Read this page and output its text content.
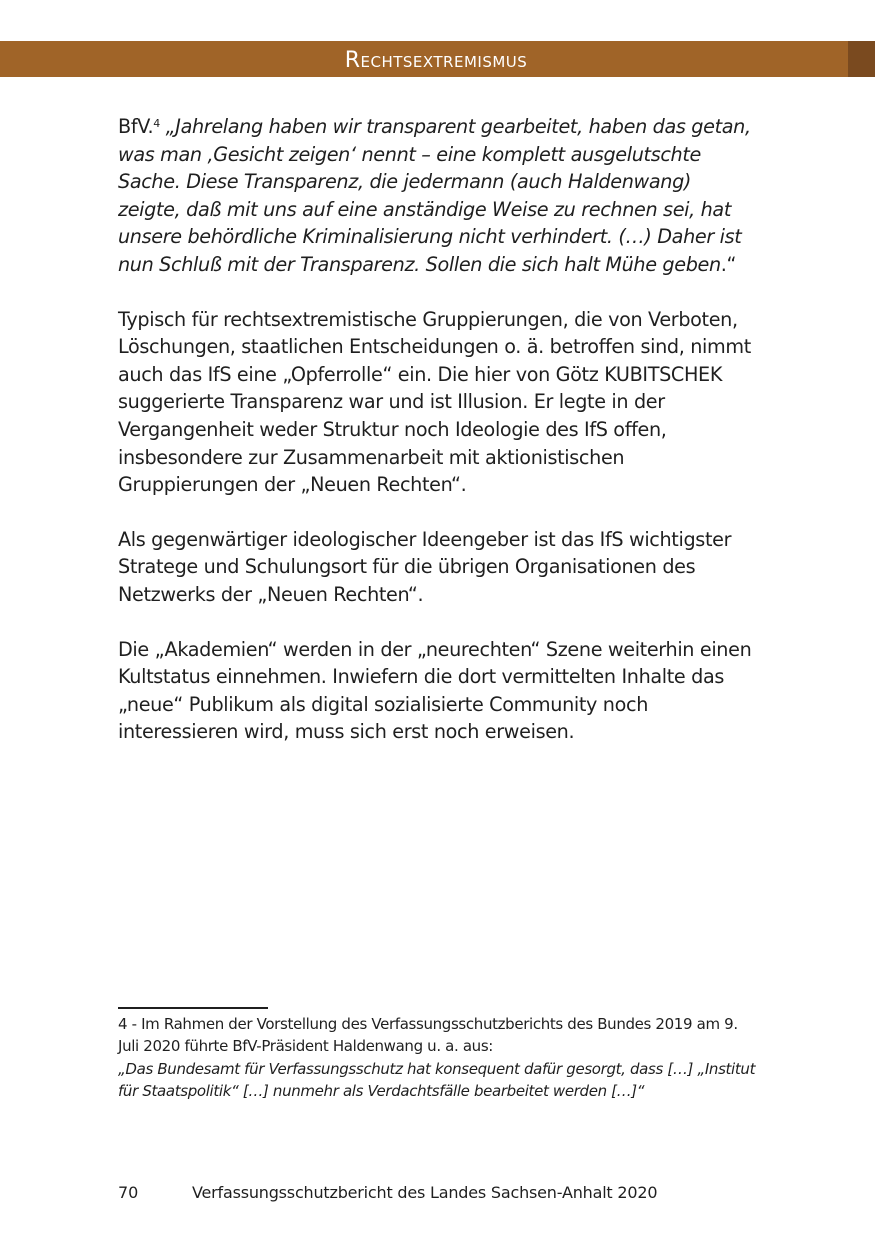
Rechtsextremismus

BfV.$^4$ „Jahrelang haben wir transparent gearbeitet, haben das getan, was man ‚Gesicht zeigen‘ nennt – eine komplett ausgelutschte Sache. Diese Transparenz, die jedermann (auch Haldenwang) zeigte, daß mit uns auf eine anständige Weise zu rechnen sei, hat unsere behördliche Kriminalisierung nicht verhindert. (…) Daher ist nun Schluß mit der Transparenz. Sollen die sich halt Mühe geben.“

Typisch für rechtsextremistische Gruppierungen, die von Verboten, Löschungen, staatlichen Entscheidungen o. ä. betroffen sind, nimmt auch das IfS eine „Opferrolle“ ein. Die hier von Götz KUBITSCHEK suggerierte Transparenz war und ist Illusion. Er legte in der Vergangenheit weder Struktur noch Ideologie des IfS offen, insbesondere zur Zusammenarbeit mit aktionistischen Gruppierungen der „Neuen Rechten“.

Als gegenwärtiger ideologischer Ideengeber ist das IfS wichtigster Stratege und Schulungsort für die übrigen Organisationen des Netzwerks der „Neuen Rechten“.

Die „Akademien“ werden in der „neurechten“ Szene weiterhin einen Kultstatus einnehmen. Inwiefern die dort vermittelten Inhalte das „neue“ Publikum als digital sozialisierte Community noch interessieren wird, muss sich erst noch erweisen.

4 - Im Rahmen der Vorstellung des Verfassungsschutzberichts des Bundes 2019 am 9. Juli 2020 führte BfV-Präsident Haldenwang u. a. aus:
„Das Bundesamt für Verfassungsschutz hat konsequent dafür gesorgt, dass […] „Institut für Staatspolitik“ […] nunmehr als Verdachtsfälle bearbeitet werden […]“
70	Verfassungsschutzbericht des Landes Sachsen-Anhalt 2020
